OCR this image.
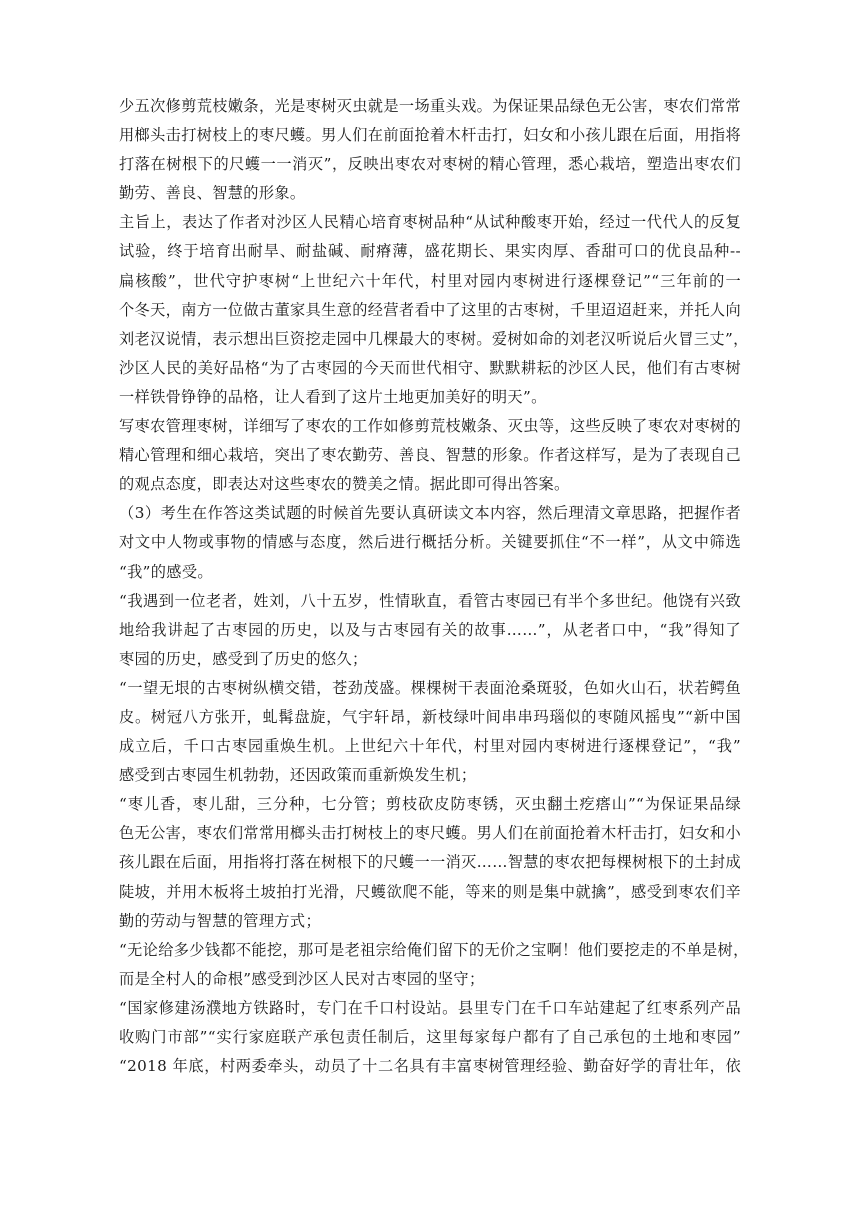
少五次修剪荒枝嫩条，光是枣树灭虫就是一场重头戏。为保证果品绿色无公害，枣农们常常
用榔头击打树枝上的枣尺蠖。男人们在前面抢着木杆击打，妇女和小孩儿跟在后面，用指将
打落在树根下的尺蠖一一消灭”，反映出枣农对枣树的精心管理，悉心栽培，塑造出枣农们
勤劳、善良、智慧的形象。
主旨上，表达了作者对沙区人民精心培育枣树品种“从试种酸枣开始，经过一代代人的反复
试验，终于培育出耐旱、耐盐碱、耐瘠薄，盛花期长、果实肉厚、香甜可口的优良品种--
扁核酸”，世代守护枣树“上世纪六十年代，村里对园内枣树进行逐棵登记”“三年前的一
个冬天，南方一位做古董家具生意的经营者看中了这里的古枣树，千里迢迢赶来，并托人向
刘老汉说情，表示想出巨资挖走园中几棵最大的枣树。爱树如命的刘老汉听说后火冒三丈”，
沙区人民的美好品格“为了古枣园的今天而世代相守、默默耕耘的沙区人民，他们有古枣树
一样铁骨铮铮的品格，让人看到了这片土地更加美好的明天”。
写枣农管理枣树，详细写了枣农的工作如修剪荒枝嫩条、灭虫等，这些反映了枣农对枣树的
精心管理和细心栽培，突出了枣农勤劳、善良、智慧的形象。作者这样写，是为了表现自己
的观点态度，即表达对这些枣农的赞美之情。据此即可得出答案。
（3）考生在作答这类试题的时候首先要认真研读文本内容，然后理清文章思路，把握作者
对文中人物或事物的情感与态度，然后进行概括分析。关键要抓住“不一样”，从文中筛选
“我”的感受。
“我遇到一位老者，姓刘，八十五岁，性情耿直，看管古枣园已有半个多世纪。他饶有兴致
地给我讲起了古枣园的历史，以及与古枣园有关的故事……”，从老者口中，“我”得知了
枣园的历史，感受到了历史的悠久；
“一望无垠的古枣树纵横交错，苍劲茂盛。棵棵树干表面沧桑斑驳，色如火山石，状若鳄鱼
皮。树冠八方张开，虬髯盘旋，气宇轩昂，新枝绿叶间串串玛瑙似的枣随风摇曳”“新中国
成立后，千口古枣园重焕生机。上世纪六十年代，村里对园内枣树进行逐棵登记”，“我”
感受到古枣园生机勃勃，还因政策而重新焕发生机；
“枣儿香，枣儿甜，三分种，七分管；剪枝砍皮防枣锈，灭虫翻土疙瘩山”“为保证果品绿
色无公害，枣农们常常用榔头击打树枝上的枣尺蠖。男人们在前面抢着木杆击打，妇女和小
孩儿跟在后面，用指将打落在树根下的尺蠖一一消灭……智慧的枣农把每棵树根下的土封成
陡坡，并用木板将土坡拍打光滑，尺蠖欲爬不能，等来的则是集中就擒”，感受到枣农们辛
勤的劳动与智慧的管理方式；
“无论给多少钱都不能挖，那可是老祖宗给俺们留下的无价之宝啊！他们要挖走的不单是树，
而是全村人的命根”感受到沙区人民对古枣园的坚守；
“国家修建汤濮地方铁路时，专门在千口村设站。县里专门在千口车站建起了红枣系列产品
收购门市部”“实行家庭联产承包责任制后，这里每家每户都有了自己承包的土地和枣园”
“2018 年底，村两委牵头，动员了十二名具有丰富枣树管理经验、勤奋好学的青壮年，依
